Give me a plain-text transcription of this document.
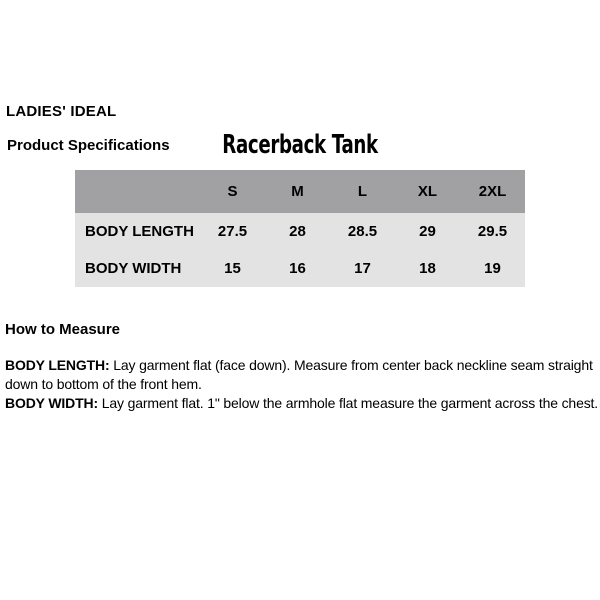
LADIES' IDEAL
Product Specifications	Racerback Tank
	S	M	L	XL	2XL
BODY LENGTH	27.5	28	28.5	29	29.5
BODY WIDTH	15	16	17	18	19
How to Measure

BODY LENGTH: Lay garment flat (face down). Measure from center back neckline seam straight down to bottom of the front hem.

BODY WIDTH: Lay garment flat. 1" below the armhole flat measure the garment across the chest.
